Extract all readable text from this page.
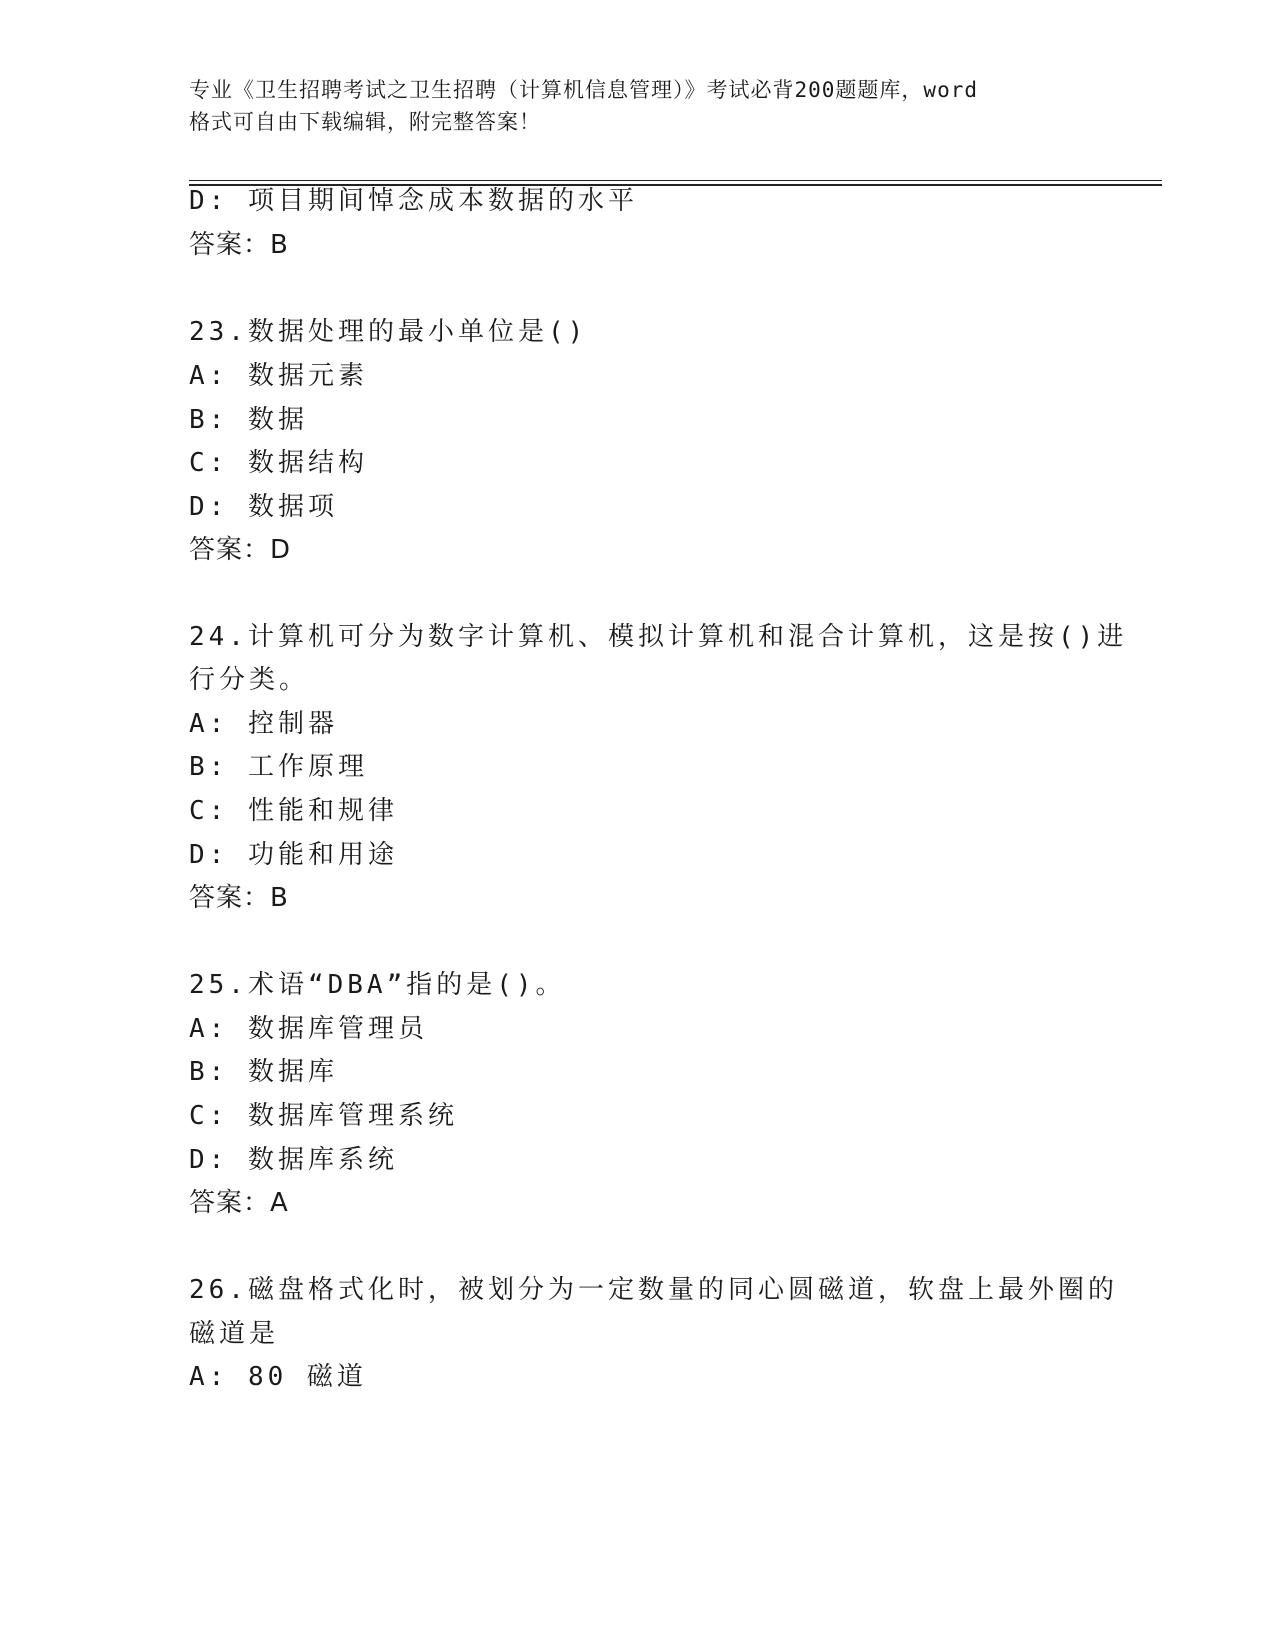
专业《卫生招聘考试之卫生招聘（计算机信息管理）》考试必背200题题库，word
格式可自由下载编辑，附完整答案！
D: 项目期间悼念成本数据的水平
答案：B
23.数据处理的最小单位是()
A: 数据元素
B: 数据
C: 数据结构
D: 数据项
答案：D
24.计算机可分为数字计算机、模拟计算机和混合计算机，这是按()进
行分类。
A: 控制器
B: 工作原理
C: 性能和规律
D: 功能和用途
答案：B
25.术语“DBA”指的是()。
A: 数据库管理员
B: 数据库
C: 数据库管理系统
D: 数据库系统
答案：A
26.磁盘格式化时，被划分为一定数量的同心圆磁道，软盘上最外圈的
磁道是
A: 80 磁道
